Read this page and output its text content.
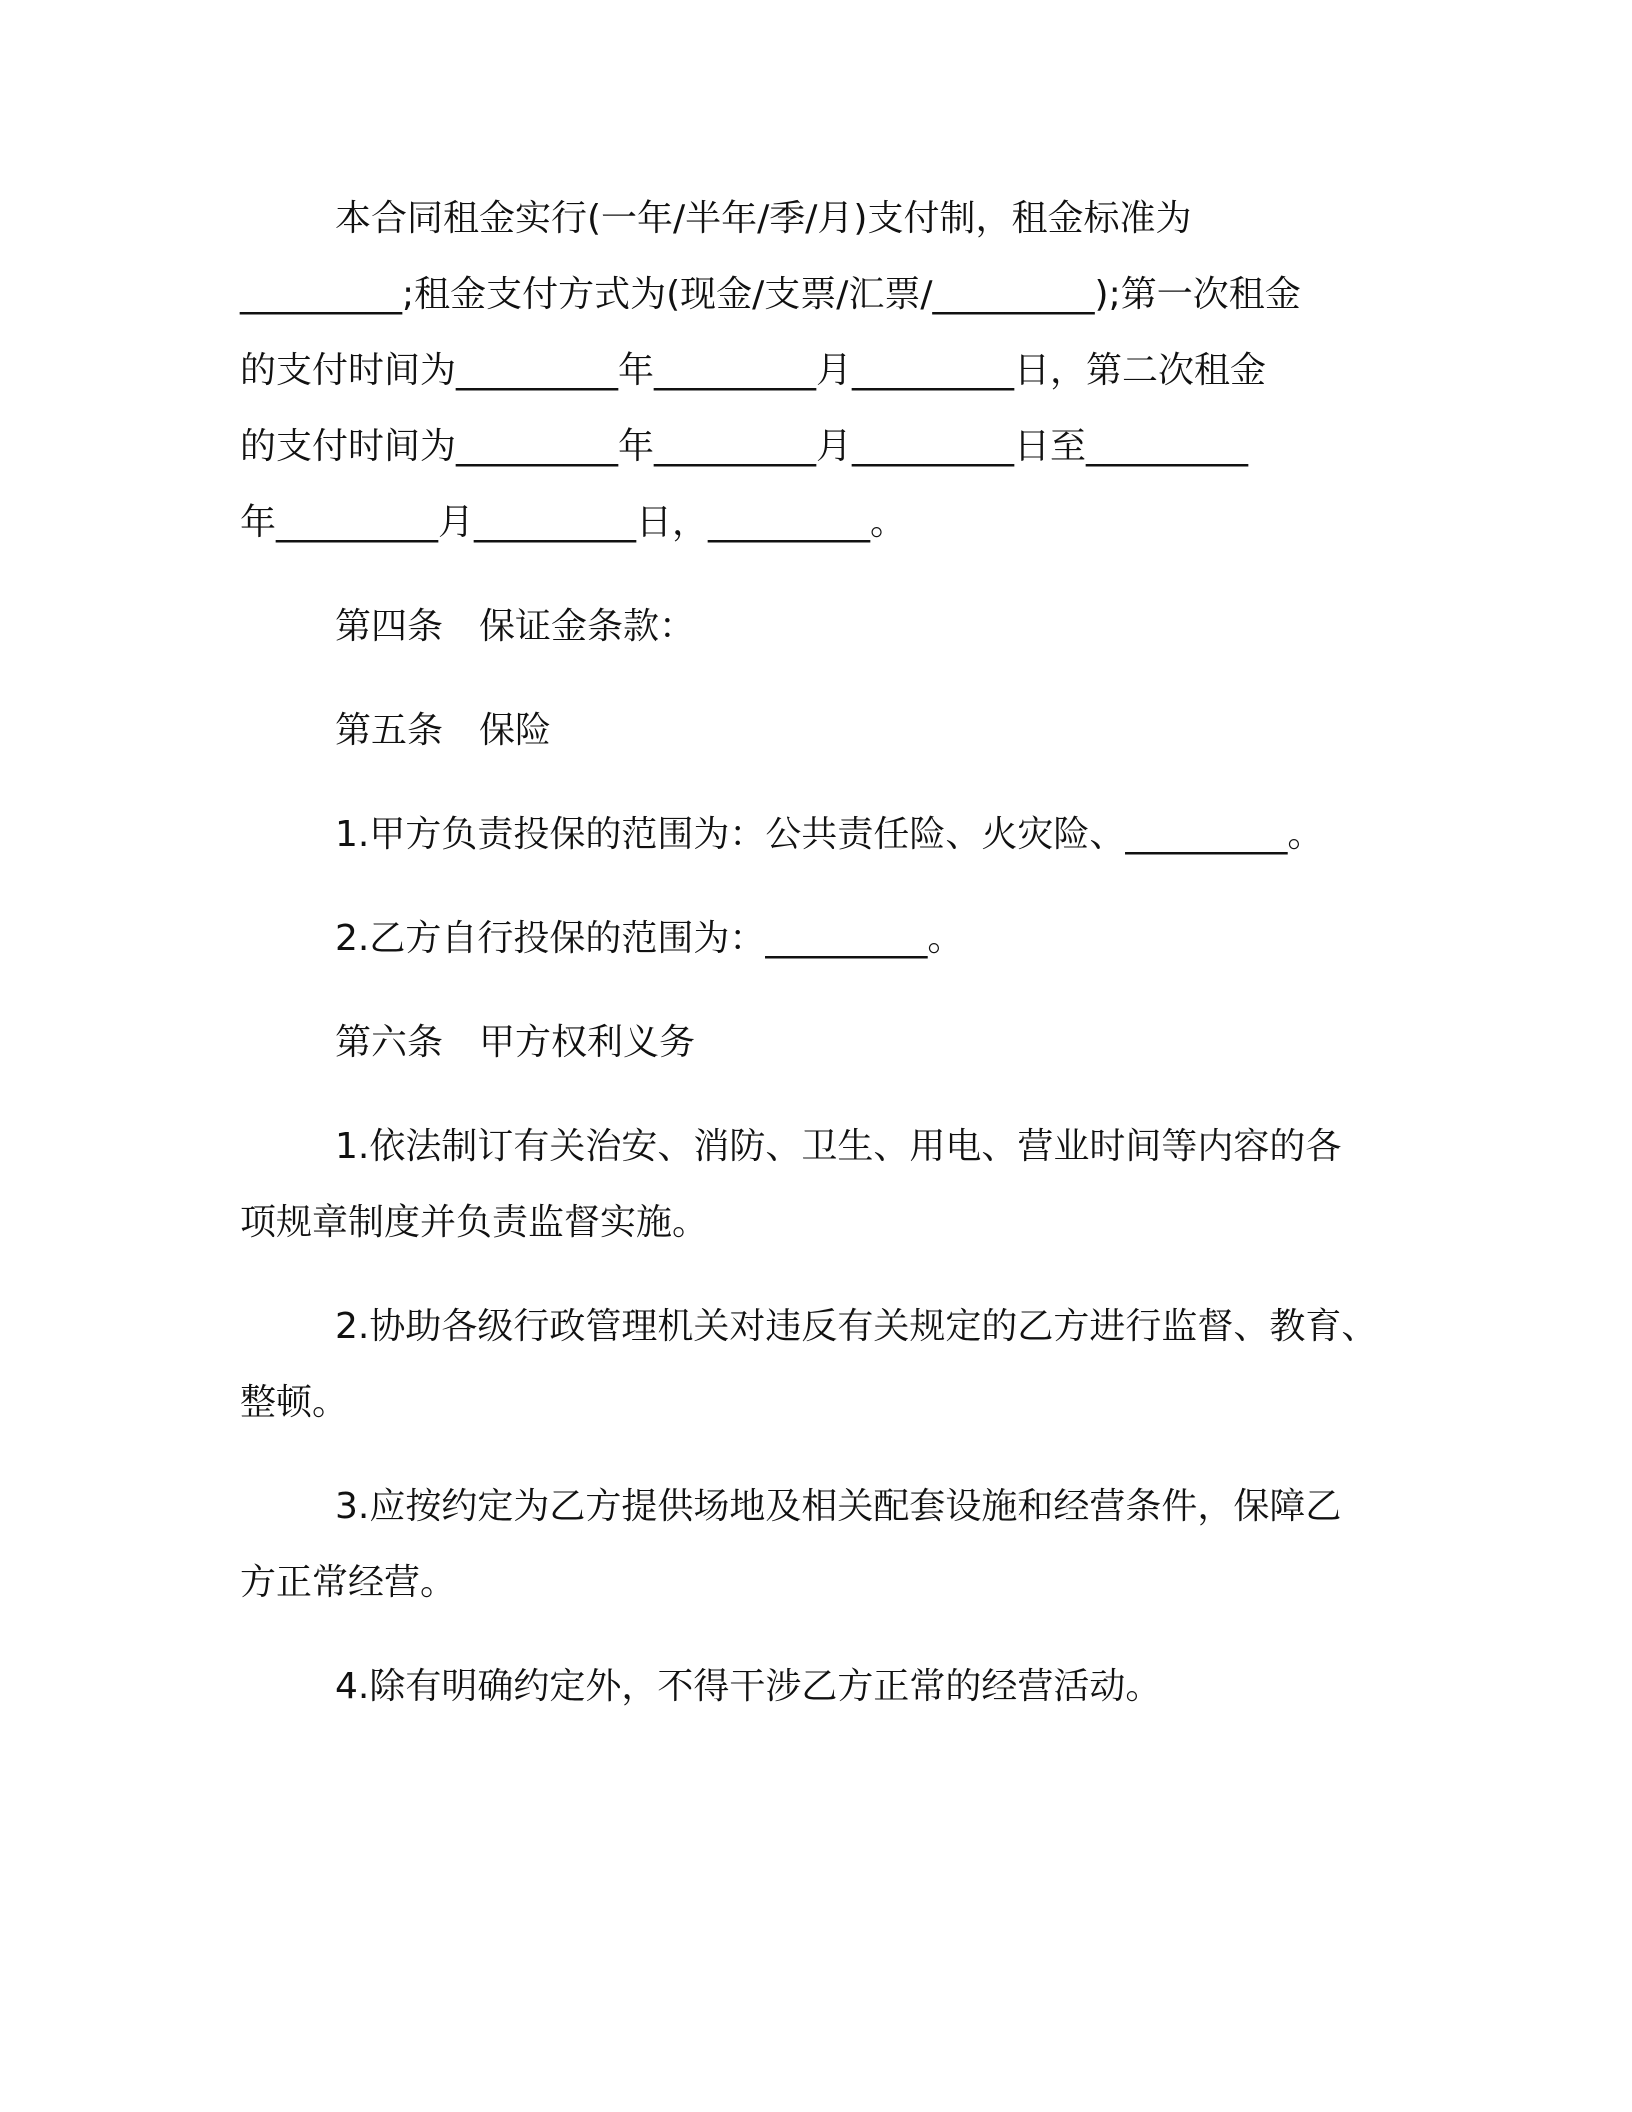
本合同租金实行(一年/半年/季/月)支付制，租金标准为

_________;租金支付方式为(现金/支票/汇票/_________);第一次租金

的支付时间为_________年_________月_________日，第二次租金

的支付时间为_________年_________月_________日至_________

年_________月_________日，_________。

第四条　保证金条款：

第五条　保险

1.甲方负责投保的范围为：公共责任险、火灾险、_________。

2.乙方自行投保的范围为：_________。

第六条　甲方权利义务

1.依法制订有关治安、消防、卫生、用电、营业时间等内容的各

项规章制度并负责监督实施。

2.协助各级行政管理机关对违反有关规定的乙方进行监督、教育、

整顿。

3.应按约定为乙方提供场地及相关配套设施和经营条件，保障乙

方正常经营。

4.除有明确约定外，不得干涉乙方正常的经营活动。
